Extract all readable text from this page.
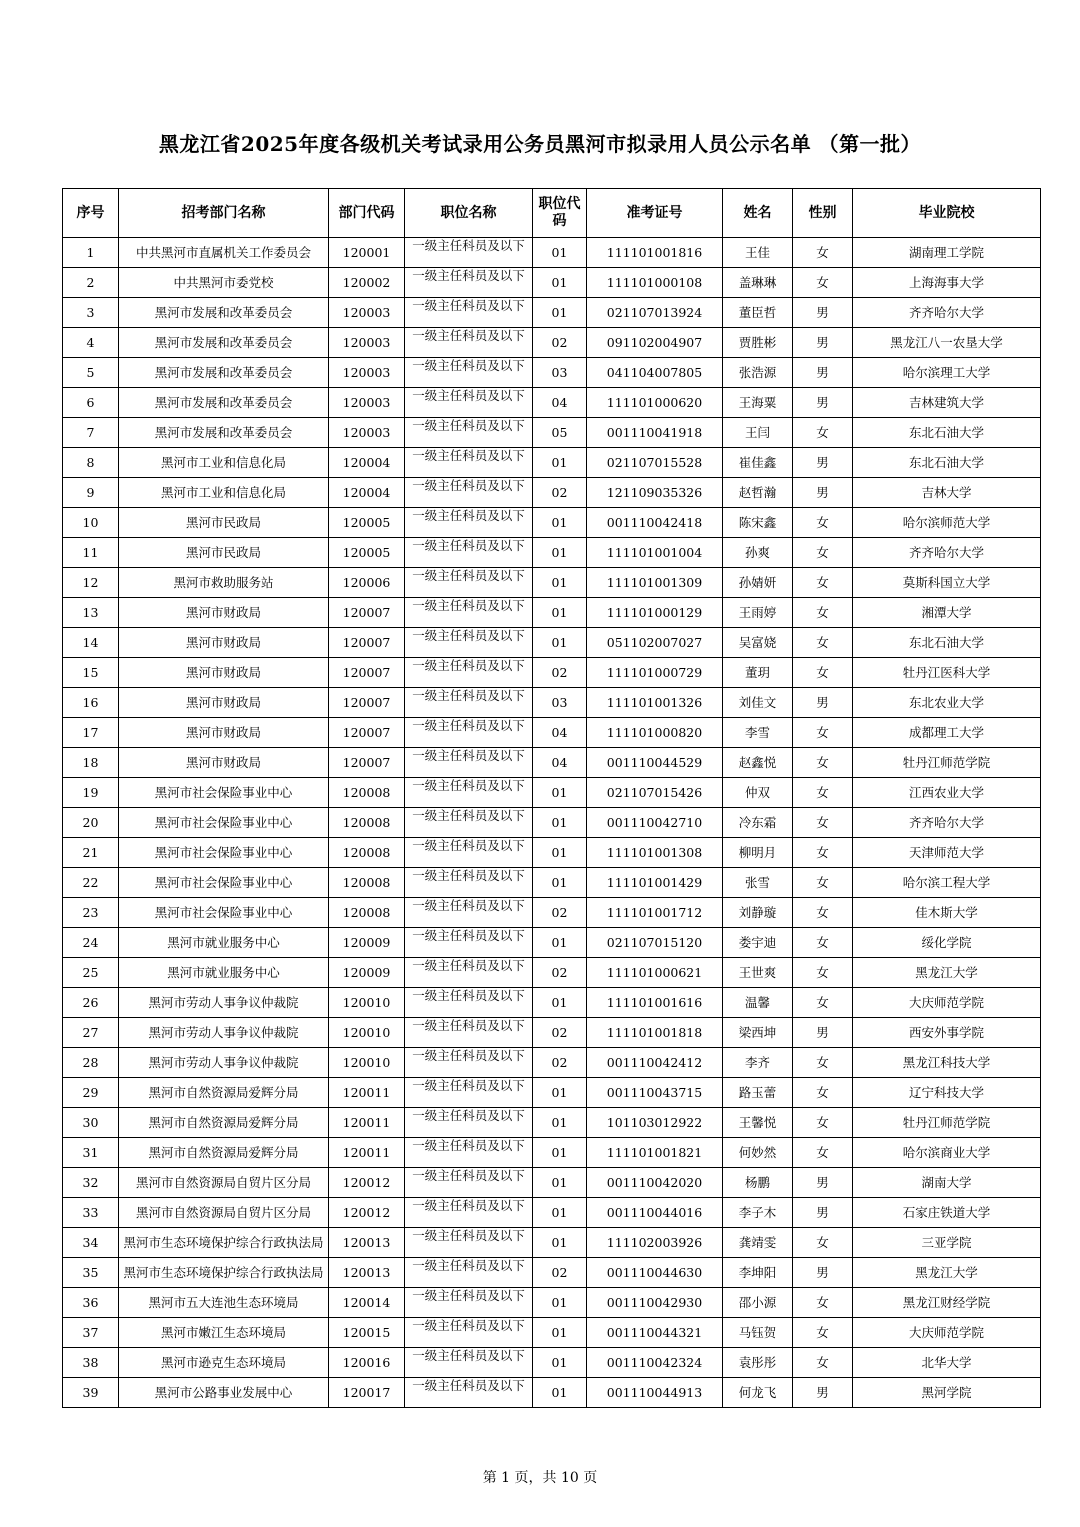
黑龙江省2025年度各级机关考试录用公务员黑河市拟录用人员公示名单 （第一批）
序号	招考部门名称	部门代码	职位名称	职位代码	准考证号	姓名	性别	毕业院校
1	中共黑河市直属机关工作委员会	120001	一级主任科员及以下	01	111101001816	王佳	女	湖南理工学院
2	中共黑河市委党校	120002	一级主任科员及以下	01	111101000108	盖琳琳	女	上海海事大学
3	黑河市发展和改革委员会	120003	一级主任科员及以下	01	021107013924	董臣哲	男	齐齐哈尔大学
4	黑河市发展和改革委员会	120003	一级主任科员及以下	02	091102004907	贾胜彬	男	黑龙江八一农垦大学
5	黑河市发展和改革委员会	120003	一级主任科员及以下	03	041104007805	张浩源	男	哈尔滨理工大学
6	黑河市发展和改革委员会	120003	一级主任科员及以下	04	111101000620	王海粟	男	吉林建筑大学
7	黑河市发展和改革委员会	120003	一级主任科员及以下	05	001110041918	王闫	女	东北石油大学
8	黑河市工业和信息化局	120004	一级主任科员及以下	01	021107015528	崔佳鑫	男	东北石油大学
9	黑河市工业和信息化局	120004	一级主任科员及以下	02	121109035326	赵哲瀚	男	吉林大学
10	黑河市民政局	120005	一级主任科员及以下	01	001110042418	陈宋鑫	女	哈尔滨师范大学
11	黑河市民政局	120005	一级主任科员及以下	01	111101001004	孙爽	女	齐齐哈尔大学
12	黑河市救助服务站	120006	一级主任科员及以下	01	111101001309	孙婧妍	女	莫斯科国立大学
13	黑河市财政局	120007	一级主任科员及以下	01	111101000129	王雨婷	女	湘潭大学
14	黑河市财政局	120007	一级主任科员及以下	01	051102007027	吴富娆	女	东北石油大学
15	黑河市财政局	120007	一级主任科员及以下	02	111101000729	董玥	女	牡丹江医科大学
16	黑河市财政局	120007	一级主任科员及以下	03	111101001326	刘佳文	男	东北农业大学
17	黑河市财政局	120007	一级主任科员及以下	04	111101000820	李雪	女	成都理工大学
18	黑河市财政局	120007	一级主任科员及以下	04	001110044529	赵鑫悦	女	牡丹江师范学院
19	黑河市社会保险事业中心	120008	一级主任科员及以下	01	021107015426	仲双	女	江西农业大学
20	黑河市社会保险事业中心	120008	一级主任科员及以下	01	001110042710	冷东霜	女	齐齐哈尔大学
21	黑河市社会保险事业中心	120008	一级主任科员及以下	01	111101001308	柳明月	女	天津师范大学
22	黑河市社会保险事业中心	120008	一级主任科员及以下	01	111101001429	张雪	女	哈尔滨工程大学
23	黑河市社会保险事业中心	120008	一级主任科员及以下	02	111101001712	刘静璇	女	佳木斯大学
24	黑河市就业服务中心	120009	一级主任科员及以下	01	021107015120	娄宇迪	女	绥化学院
25	黑河市就业服务中心	120009	一级主任科员及以下	02	111101000621	王世爽	女	黑龙江大学
26	黑河市劳动人事争议仲裁院	120010	一级主任科员及以下	01	111101001616	温馨	女	大庆师范学院
27	黑河市劳动人事争议仲裁院	120010	一级主任科员及以下	02	111101001818	梁西坤	男	西安外事学院
28	黑河市劳动人事争议仲裁院	120010	一级主任科员及以下	02	001110042412	李齐	女	黑龙江科技大学
29	黑河市自然资源局爱辉分局	120011	一级主任科员及以下	01	001110043715	路玉蕾	女	辽宁科技大学
30	黑河市自然资源局爱辉分局	120011	一级主任科员及以下	01	101103012922	王馨悦	女	牡丹江师范学院
31	黑河市自然资源局爱辉分局	120011	一级主任科员及以下	01	111101001821	何妙然	女	哈尔滨商业大学
32	黑河市自然资源局自贸片区分局	120012	一级主任科员及以下	01	001110042020	杨鹏	男	湖南大学
33	黑河市自然资源局自贸片区分局	120012	一级主任科员及以下	01	001110044016	李子木	男	石家庄铁道大学
34	黑河市生态环境保护综合行政执法局	120013	一级主任科员及以下	01	111102003926	龚靖雯	女	三亚学院
35	黑河市生态环境保护综合行政执法局	120013	一级主任科员及以下	02	001110044630	李坤阳	男	黑龙江大学
36	黑河市五大连池生态环境局	120014	一级主任科员及以下	01	001110042930	邵小源	女	黑龙江财经学院
37	黑河市嫩江生态环境局	120015	一级主任科员及以下	01	001110044321	马钰贺	女	大庆师范学院
38	黑河市逊克生态环境局	120016	一级主任科员及以下	01	001110042324	袁彤彤	女	北华大学
39	黑河市公路事业发展中心	120017	一级主任科员及以下	01	001110044913	何龙飞	男	黑河学院
第 1 页，共 10 页
